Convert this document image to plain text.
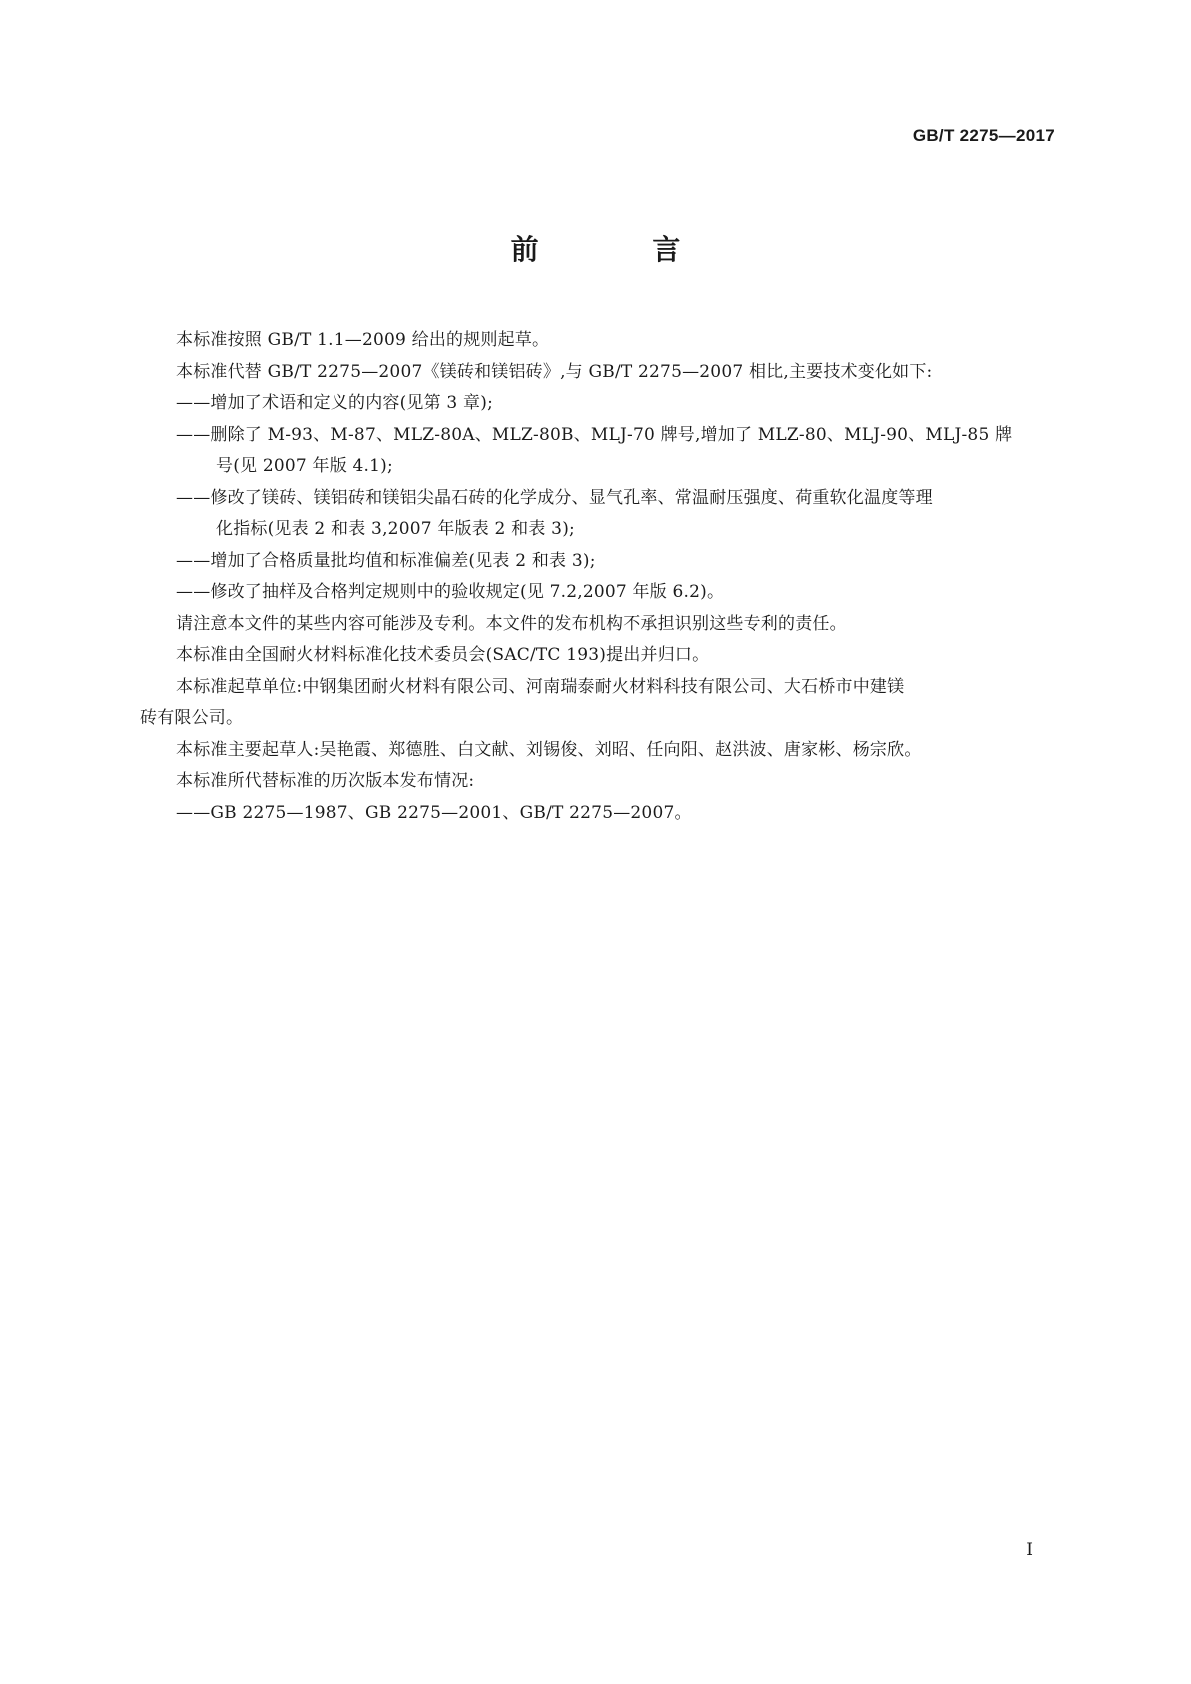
GB/T 2275—2017
前 言
本标准按照 GB/T 1.1—2009 给出的规则起草。
本标准代替 GB/T 2275—2007《镁砖和镁铝砖》,与 GB/T 2275—2007 相比,主要技术变化如下:
——增加了术语和定义的内容(见第 3 章);
——删除了 M-93、M-87、MLZ-80A、MLZ-80B、MLJ-70 牌号,增加了 MLZ-80、MLJ-90、MLJ-85 牌
号(见 2007 年版 4.1);
——修改了镁砖、镁铝砖和镁铝尖晶石砖的化学成分、显气孔率、常温耐压强度、荷重软化温度等理
化指标(见表 2 和表 3,2007 年版表 2 和表 3);
——增加了合格质量批均值和标准偏差(见表 2 和表 3);
——修改了抽样及合格判定规则中的验收规定(见 7.2,2007 年版 6.2)。
请注意本文件的某些内容可能涉及专利。本文件的发布机构不承担识别这些专利的责任。
本标准由全国耐火材料标准化技术委员会(SAC/TC 193)提出并归口。
本标准起草单位:中钢集团耐火材料有限公司、河南瑞泰耐火材料科技有限公司、大石桥市中建镁
砖有限公司。
本标准主要起草人:吴艳霞、郑德胜、白文献、刘锡俊、刘昭、任向阳、赵洪波、唐家彬、杨宗欣。
本标准所代替标准的历次版本发布情况:
——GB 2275—1987、GB 2275—2001、GB/T 2275—2007。
I
